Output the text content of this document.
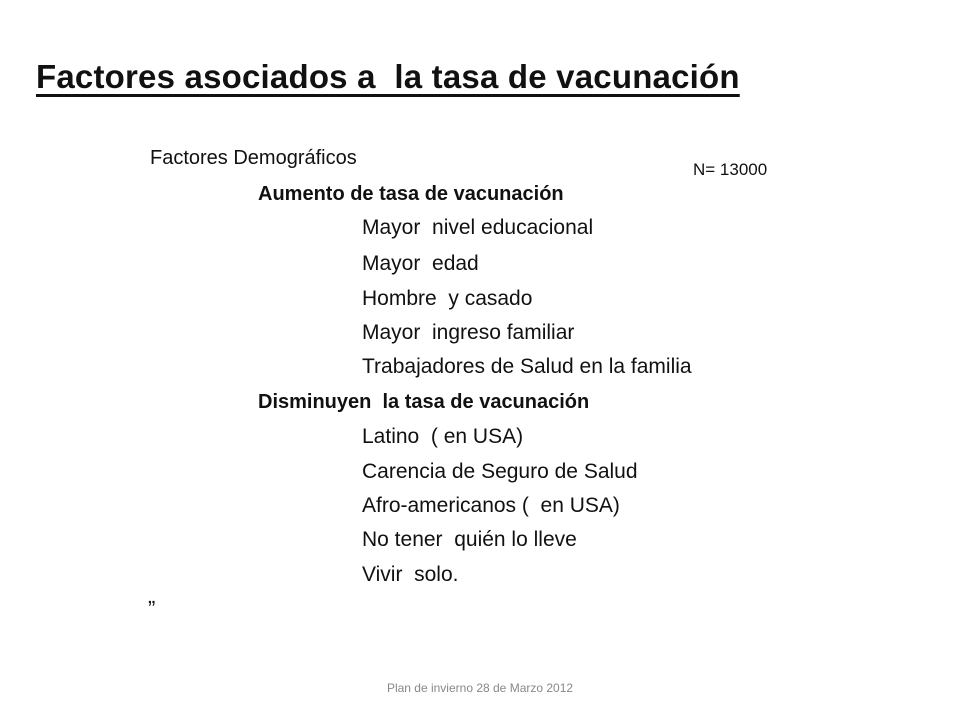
Factores asociados a  la tasa de vacunación
N= 13000
Factores Demográficos
Aumento de tasa de vacunación
Mayor  nivel educacional
Mayor  edad
Hombre  y casado
Mayor  ingreso familiar
Trabajadores de Salud en la familia
Disminuyen  la tasa de vacunación
Latino  ( en USA)
Carencia de Seguro de Salud
Afro-americanos (  en USA)
No tener  quién lo lleve
Vivir  solo.
„
Plan de invierno 28 de Marzo 2012
